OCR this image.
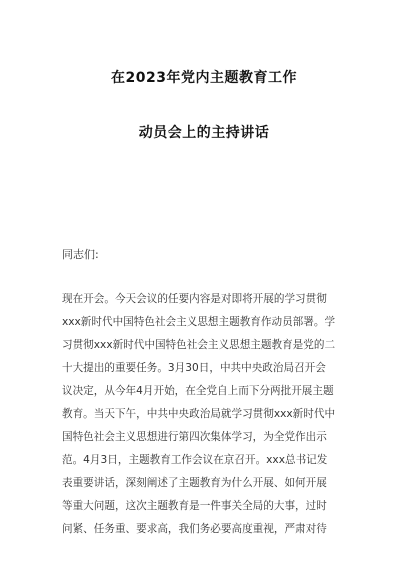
在2023年党内主题教育工作
动员会上的主持讲话
同志们:
现在开会。今天会议的任要内容是对即将开展的学习贯彻
xxx新时代中国特色社会主义思想主题教育作动员部署。学
习贯彻xxx新时代中国特色社会主义思想主题教育是党的二
十大提出的重要任务。3月30日，中共中央政治局召开会
议决定，从今年4月开始，在全党自上而下分两批开展主题
教育。当天下午，中共中央政治局就学习贯彻xxx新时代中
国特色社会主义思想进行第四次集体学习，为全党作出示
范。4月3日，主题教育工作会议在京召开。xxx总书记发
表重要讲话，深刻阐述了主题教育为什么开展、如何开展
等重大问题，这次主题教育是一件事关全局的大事，过时
问紧、任务重、要求高，我们务必要高度重视，严肃对待
